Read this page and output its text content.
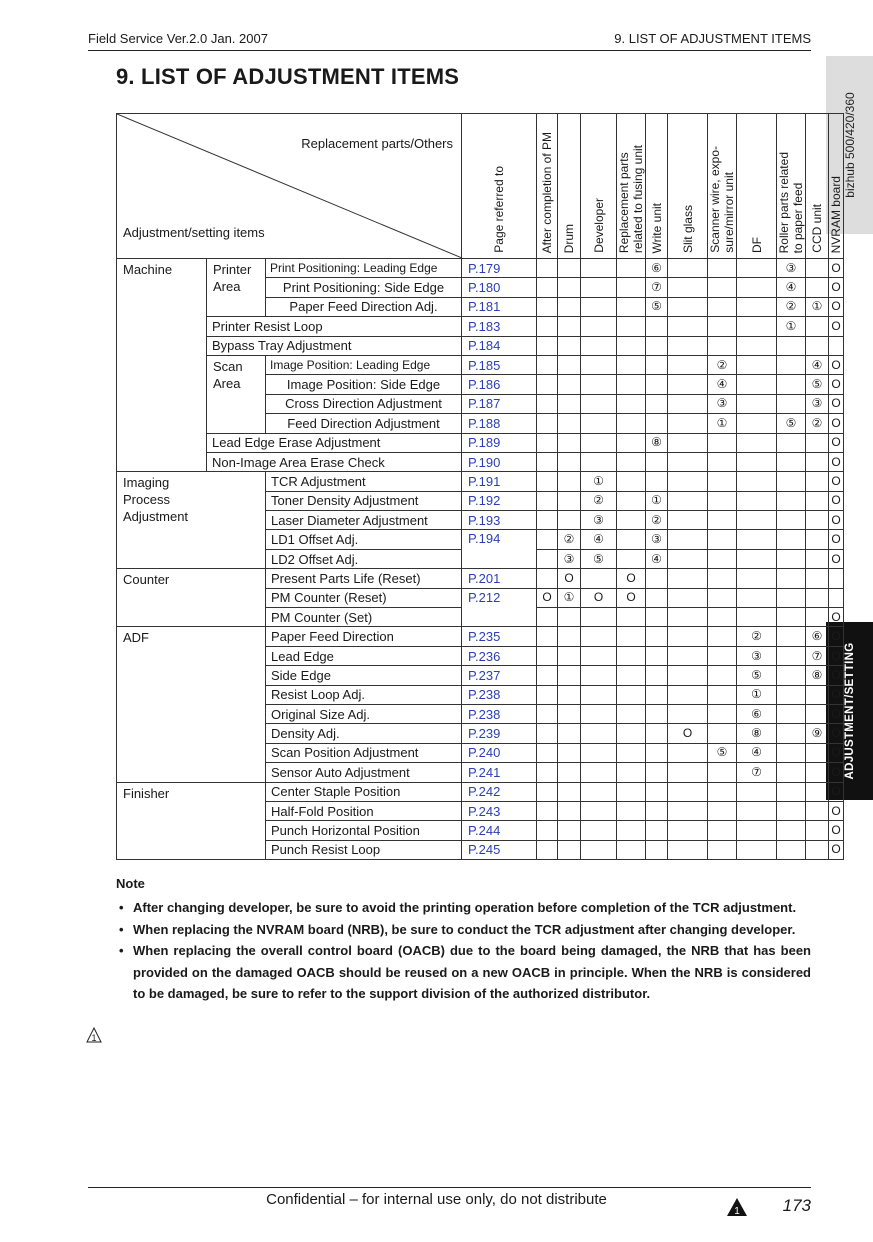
Field Service Ver.2.0 Jan. 2007	9. LIST OF ADJUSTMENT ITEMS
9. LIST OF ADJUSTMENT ITEMS
bizhub 500/420/360
ADJUSTMENT/SETTING
Replacement parts/Others
Adjustment/setting items			Page referred to	After completion of PM	Drum	Developer	Replacement parts
related to fusing unit	Write unit	Slit glass	Scanner wire, expo-
sure/mirror unit	DF	Roller parts related
to paper feed	CCD unit	NVRAM board

Machine	Printer
Area	Print Positioning: Leading Edge	P.179					⑥				③		O
		Print Positioning: Side Edge	P.180					⑦				④		O
		Paper Feed Direction Adj.	P.181					⑤				②	①	O
	Printer Resist Loop		P.183									①		O
	Bypass Tray Adjustment		P.184											
	Scan
Area	Image Position: Leading Edge	P.185							②			④	O
		Image Position: Side Edge	P.186							④			⑤	O
		Cross Direction Adjustment	P.187							③			③	O
		Feed Direction Adjustment	P.188							①		⑤	②	O
	Lead Edge Erase Adjustment		P.189					⑧						O
	Non-Image Area Erase Check		P.190											O
Imaging
Process
Adjustment		TCR Adjustment	P.191			①								O
		Toner Density Adjustment	P.192			②		①						O
		Laser Diameter Adjustment	P.193			③		②						O
		LD1 Offset Adj.	P.194		②	④		③						O
		LD2 Offset Adj.			③	⑤		④						O
Counter		Present Parts Life (Reset)	P.201		O		O							
		PM Counter (Reset)	P.212	O	①	O	O							
		PM Counter (Set)												O
ADF		Paper Feed Direction	P.235								②		⑥	O
		Lead Edge	P.236								③		⑦	O
		Side Edge	P.237								⑤		⑧	O
		Resist Loop Adj.	P.238								①			O
		Original Size Adj.	P.238								⑥			O
		Density Adj.	P.239						O		⑧		⑨	O
		Scan Position Adjustment	P.240							⑤	④			O
		Sensor Auto Adjustment	P.241								⑦			O
Finisher		Center Staple Position	P.242											O
		Half-Fold Position	P.243											O
		Punch Horizontal Position	P.244											O
		Punch Resist Loop	P.245											O
Note
• After changing developer, be sure to avoid the printing operation before completion of the TCR adjustment.
• When replacing the NVRAM board (NRB), be sure to conduct the TCR adjustment after changing developer.
• When replacing the overall control board (OACB) due to the board being damaged, the NRB that has been provided on the damaged OACB should be reused on a new OACB in principle. When the NRB is considered to be damaged, be sure to refer to the support division of the authorized distributor.
1
Confidential – for internal use only, do not distribute
1	173
